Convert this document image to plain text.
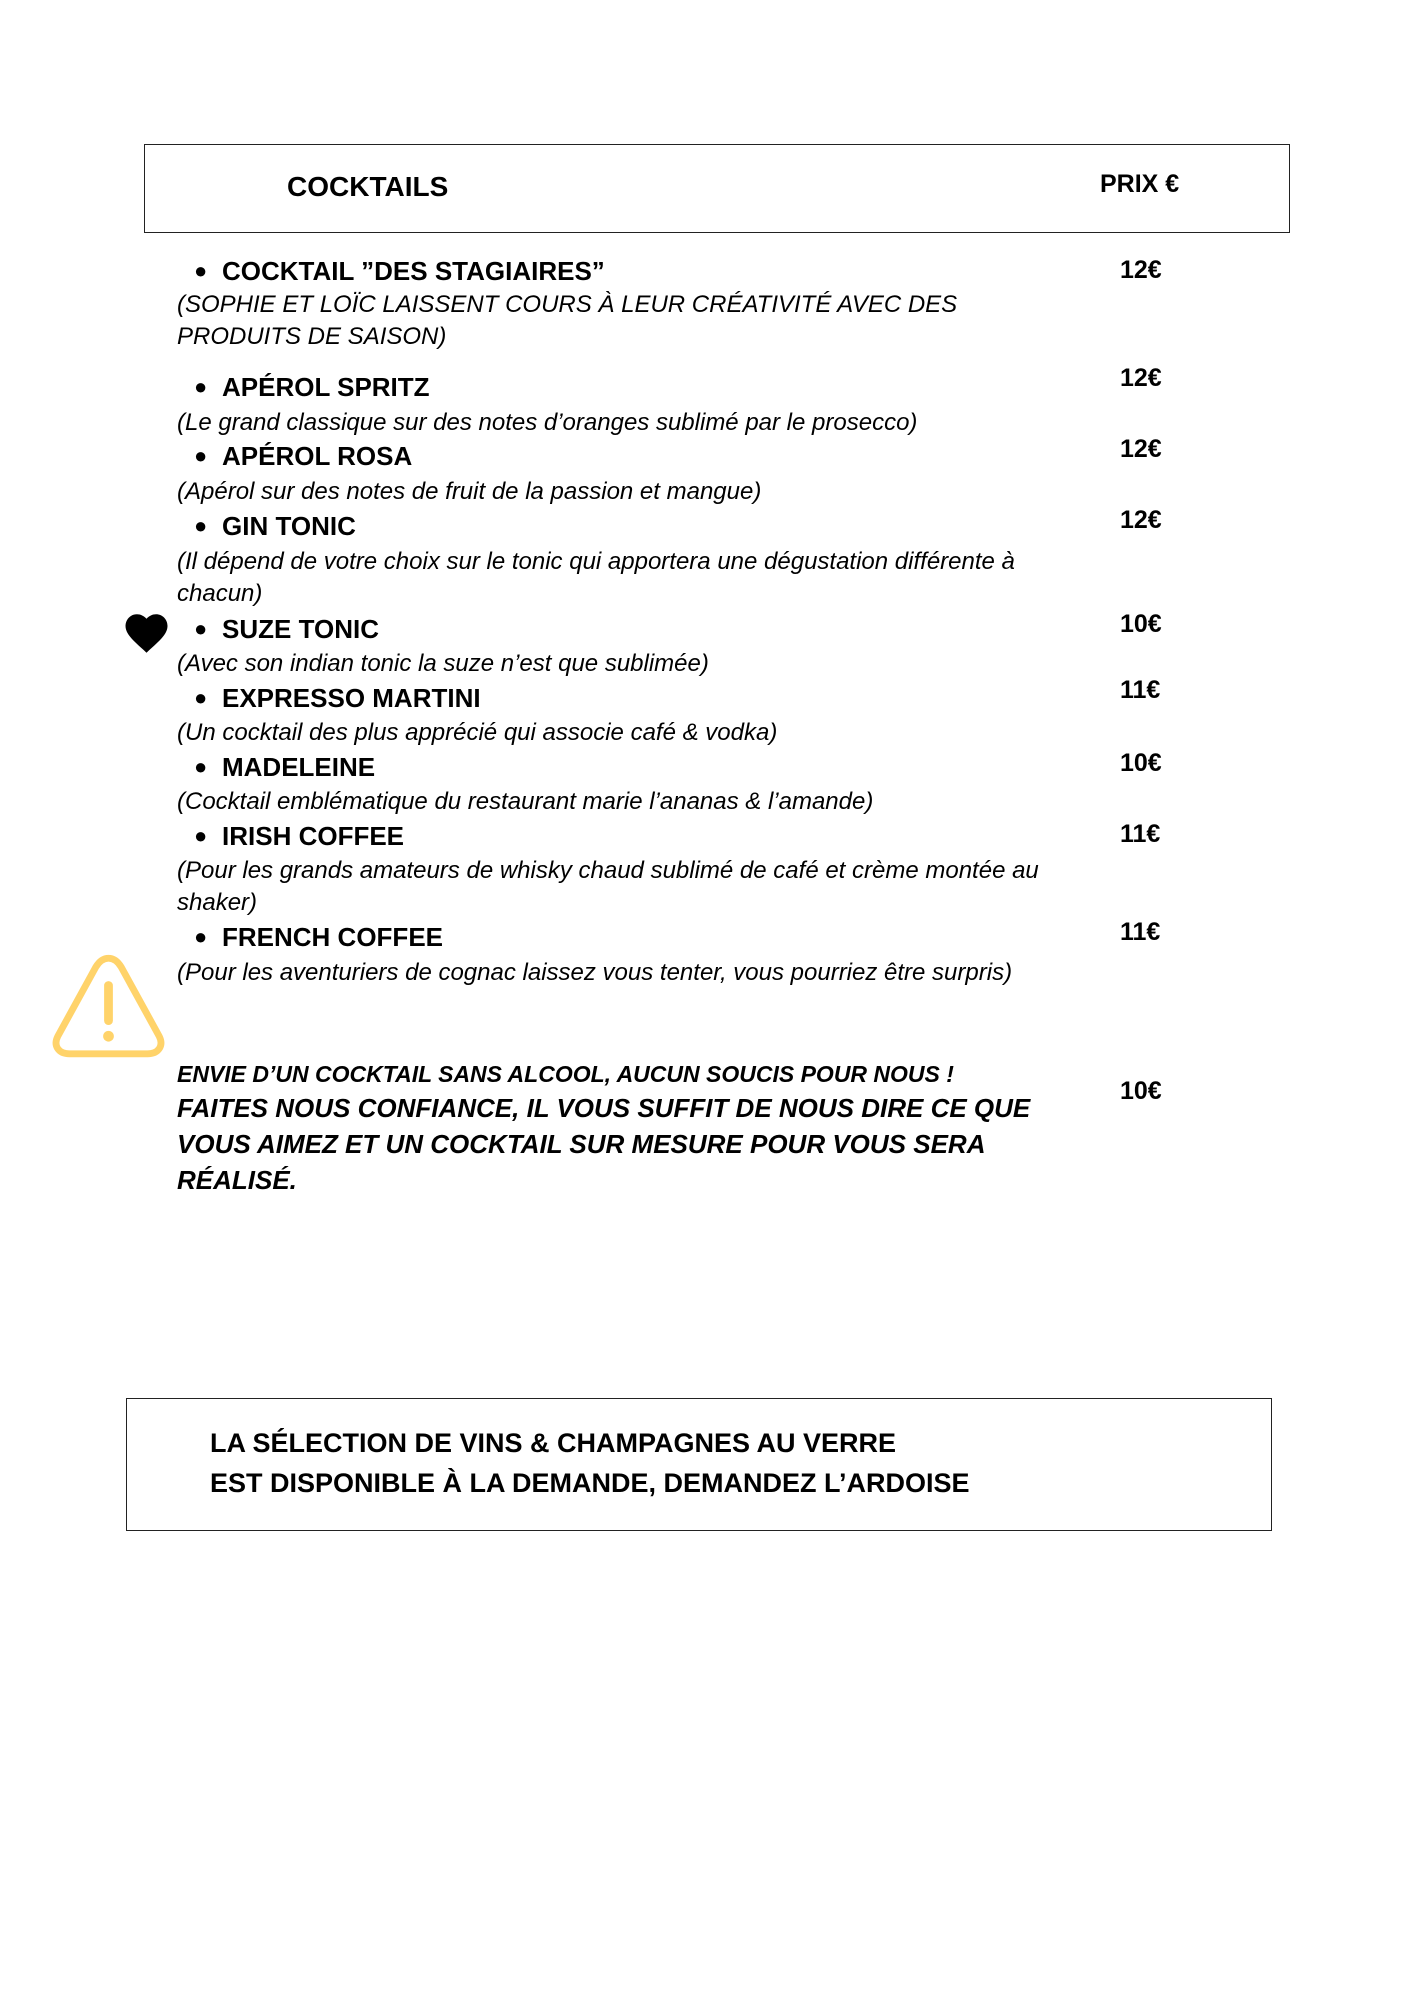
COCKTAILS	PRIX €
● COCKTAIL ”DES STAGIAIRES”
(SOPHIE ET LOÏC LAISSENT COURS À LEUR CRÉATIVITÉ AVEC DES PRODUITS DE SAISON)
12€
● APÉROL SPRITZ
(Le grand classique sur des notes d’oranges sublimé par le prosecco)
12€
● APÉROL ROSA
(Apérol sur des notes de fruit de la passion et mangue)
12€
● GIN TONIC
(Il dépend de votre choix sur le tonic qui apportera une dégustation différente à chacun)
12€
● SUZE TONIC
(Avec son indian tonic la suze n’est que sublimée)
10€
● EXPRESSO MARTINI
(Un cocktail des plus apprécié qui associe café & vodka)
11€
● MADELEINE
(Cocktail emblématique du restaurant marie l’ananas & l’amande)
10€
● IRISH COFFEE
(Pour les grands amateurs de whisky chaud sublimé de café et crème montée au shaker)
11€
● FRENCH COFFEE
(Pour les aventuriers de cognac laissez vous tenter, vous pourriez être surpris)
11€
ENVIE D’UN COCKTAIL SANS ALCOOL, AUCUN SOUCIS POUR NOUS !
FAITES NOUS CONFIANCE, IL VOUS SUFFIT DE NOUS DIRE CE QUE VOUS AIMEZ ET UN COCKTAIL SUR MESURE POUR VOUS SERA RÉALISÉ.
10€
LA SÉLECTION DE VINS & CHAMPAGNES AU VERRE
EST DISPONIBLE À LA DEMANDE, DEMANDEZ L’ARDOISE
